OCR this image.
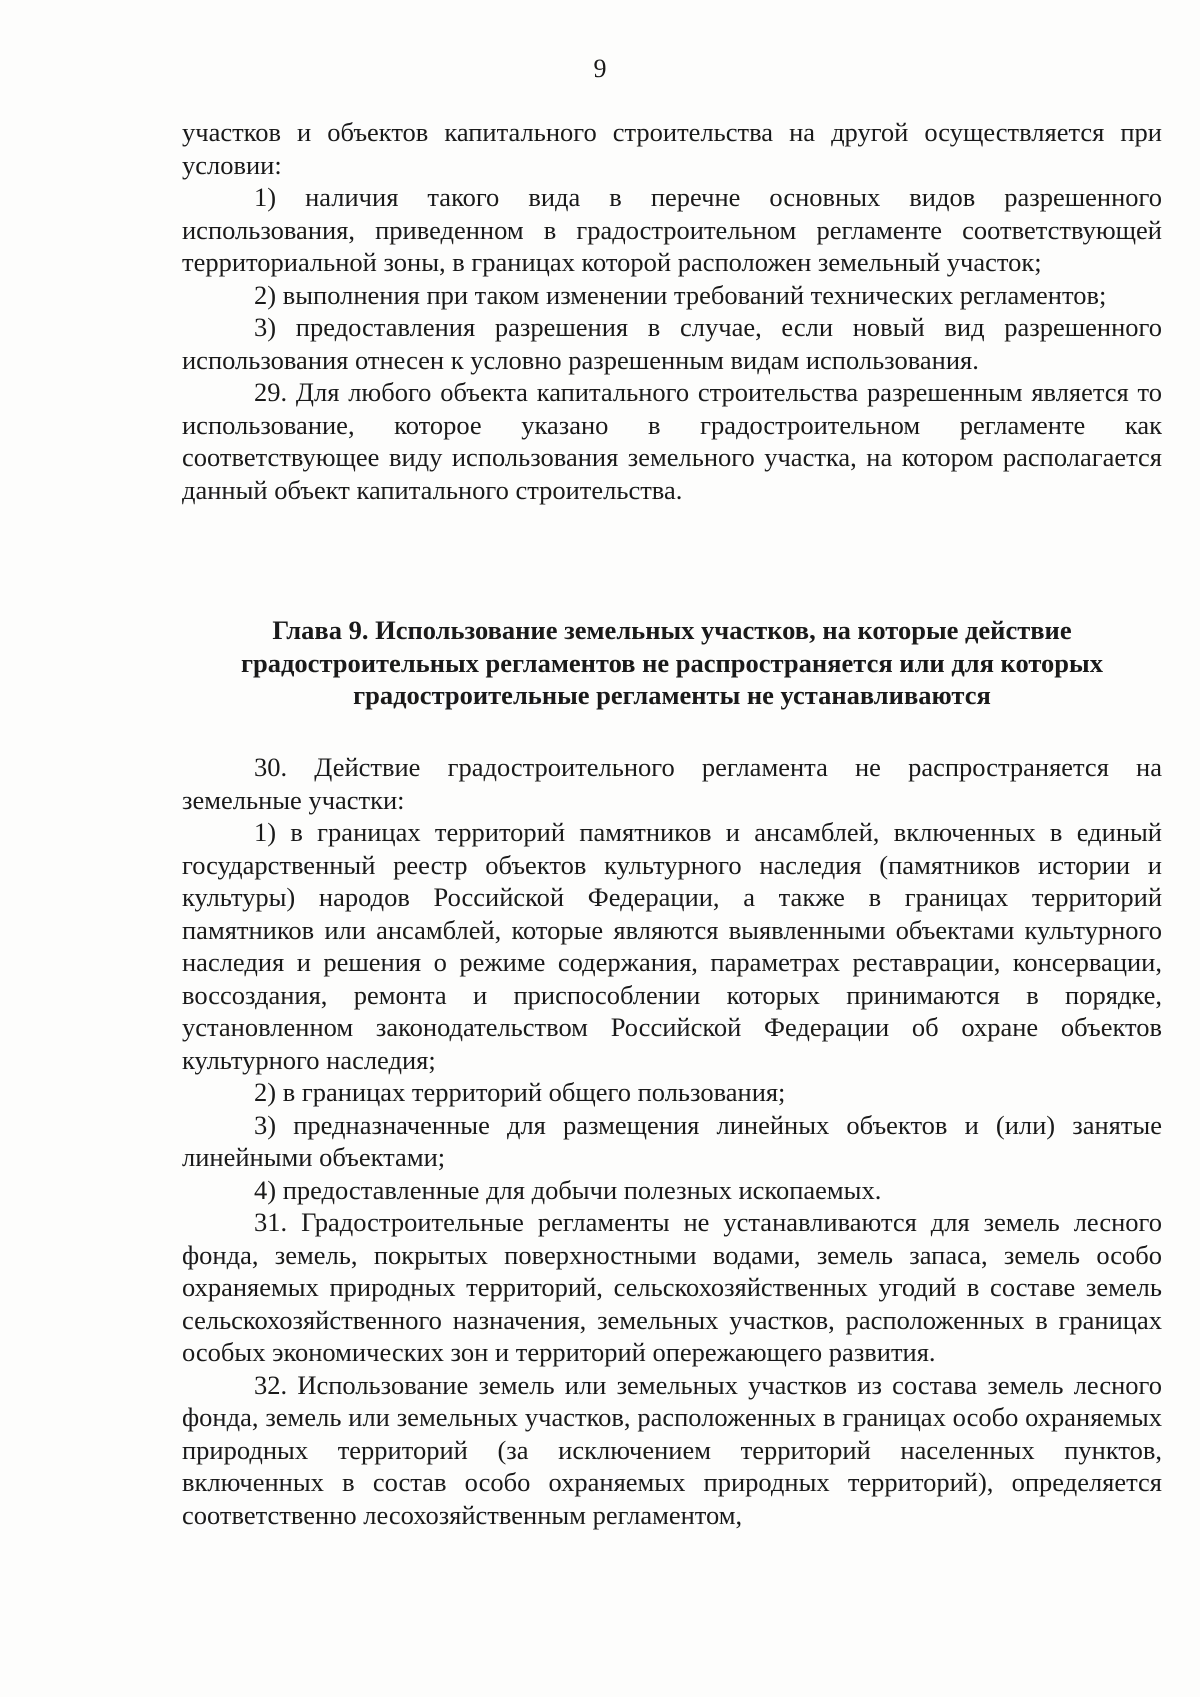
9

участков и объектов капитального строительства на другой осуществляется при условии:

1) наличия такого вида в перечне основных видов разрешенного использования, приведенном в градостроительном регламенте соответствующей территориальной зоны, в границах которой расположен земельный участок;

2) выполнения при таком изменении требований технических регламентов;

3) предоставления разрешения в случае, если новый вид разрешенного использования отнесен к условно разрешенным видам использования.

29. Для любого объекта капитального строительства разрешенным является то использование, которое указано в градостроительном регламенте как соответствующее виду использования земельного участка, на котором располагается данный объект капитального строительства.

Глава 9. Использование земельных участков, на которые действие
градостроительных регламентов не распространяется или для которых
градостроительные регламенты не устанавливаются

30. Действие градостроительного регламента не распространяется на земельные участки:

1) в границах территорий памятников и ансамблей, включенных в единый государственный реестр объектов культурного наследия (памятников истории и культуры) народов Российской Федерации, а также в границах территорий памятников или ансамблей, которые являются выявленными объектами культурного наследия и решения о режиме содержания, параметрах реставрации, консервации, воссоздания, ремонта и приспособлении которых принимаются в порядке, установленном законодательством Российской Федерации об охране объектов культурного наследия;

2) в границах территорий общего пользования;

3) предназначенные для размещения линейных объектов и (или) занятые линейными объектами;

4) предоставленные для добычи полезных ископаемых.

31. Градостроительные регламенты не устанавливаются для земель лесного фонда, земель, покрытых поверхностными водами, земель запаса, земель особо охраняемых природных территорий, сельскохозяйственных угодий в составе земель сельскохозяйственного назначения, земельных участков, расположенных в границах особых экономических зон и территорий опережающего развития.

32. Использование земель или земельных участков из состава земель лесного фонда, земель или земельных участков, расположенных в границах особо охраняемых природных территорий (за исключением территорий населенных пунктов, включенных в состав особо охраняемых природных территорий), определяется соответственно лесохозяйственным регламентом,
